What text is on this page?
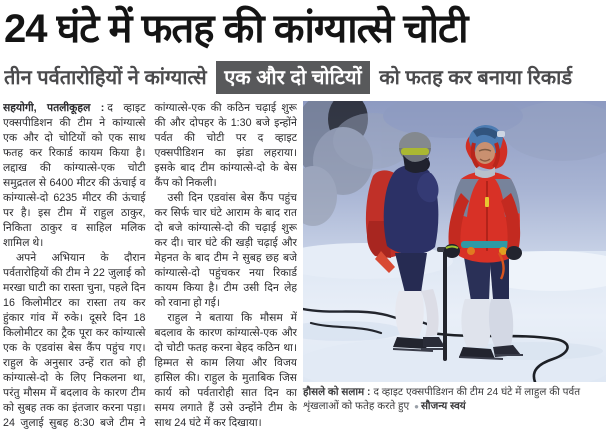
24 घंटे में फतह की कांग्यात्से चोटी
तीन पर्वतारोहियों ने कांग्यात्से एक और दो चोटियों को फतह कर बनाया रिकार्ड

सहयोगी, पतलीकूहल : द व्हाइट एक्सपीडिशन की टीम ने कांग्यात्से एक और दो चोटियों को एक साथ फतह कर रिकार्ड कायम किया है। लद्दाख की कांग्यात्से-एक चोटी समुद्रतल से 6400 मीटर की ऊंचाई व कांग्यात्से-दो 6235 मीटर की ऊंचाई पर है। इस टीम में राहुल ठाकुर, निकिता ठाकुर व साहिल मलिक शामिल थे।

अपने अभियान के दौरान पर्वतारोहियों की टीम ने 22 जुलाई को मरखा घाटी का रास्ता चुना, पहले दिन 16 किलोमीटर का रास्ता तय कर हुंकार गांव में रुके। दूसरे दिन 18 किलोमीटर का ट्रैक पूरा कर कांग्यात्से एक के एडवांस बेस कैंप पहुंच गए। राहुल के अनुसार उन्हें रात को ही कांग्यात्से-दो के लिए निकलना था, परंतु मौसम में बदलाव के कारण टीम को सुबह तक का इंतजार करना पड़ा। 24 जुलाई सुबह 8:30 बजे टीम ने कांग्यात्से-एक की कठिन चढ़ाई शुरू की और दोपहर के 1:30 बजे इन्होंने पर्वत की चोटी पर द व्हाइट एक्सपीडिशन का झंडा लहराया। इसके बाद टीम कांग्यात्से-दो के बेस कैंप को निकली।

उसी दिन एडवांस बेस कैंप पहुंच कर सिर्फ चार घंटे आराम के बाद रात दो बजे कांग्यात्से-दो की चढ़ाई शुरू कर दी। चार घंटे की खड़ी चढ़ाई और मेहनत के बाद टीम ने सुबह छह बजे कांग्यात्से-दो पहुंचकर नया रिकार्ड कायम किया है। टीम उसी दिन लेह को रवाना हो गई।

राहुल ने बताया कि मौसम में बदलाव के कारण कांग्यात्से-एक और दो चोटी फतह करना बेहद कठिन था। हिम्मत से काम लिया और विजय हासिल की। राहुल के मुताबिक जिस कार्य को पर्वतारोही सात दिन का समय लगाते हैं उसे उन्होंने टीम के साथ 24 घंटे में कर दिखाया।

हौसले को सलाम : द व्हाइट एक्सपीडिशन की टीम 24 घंटे में लाहुल की पर्वत शृंखलाओं को फतेह करते हुए ● सौजन्य स्वयं
